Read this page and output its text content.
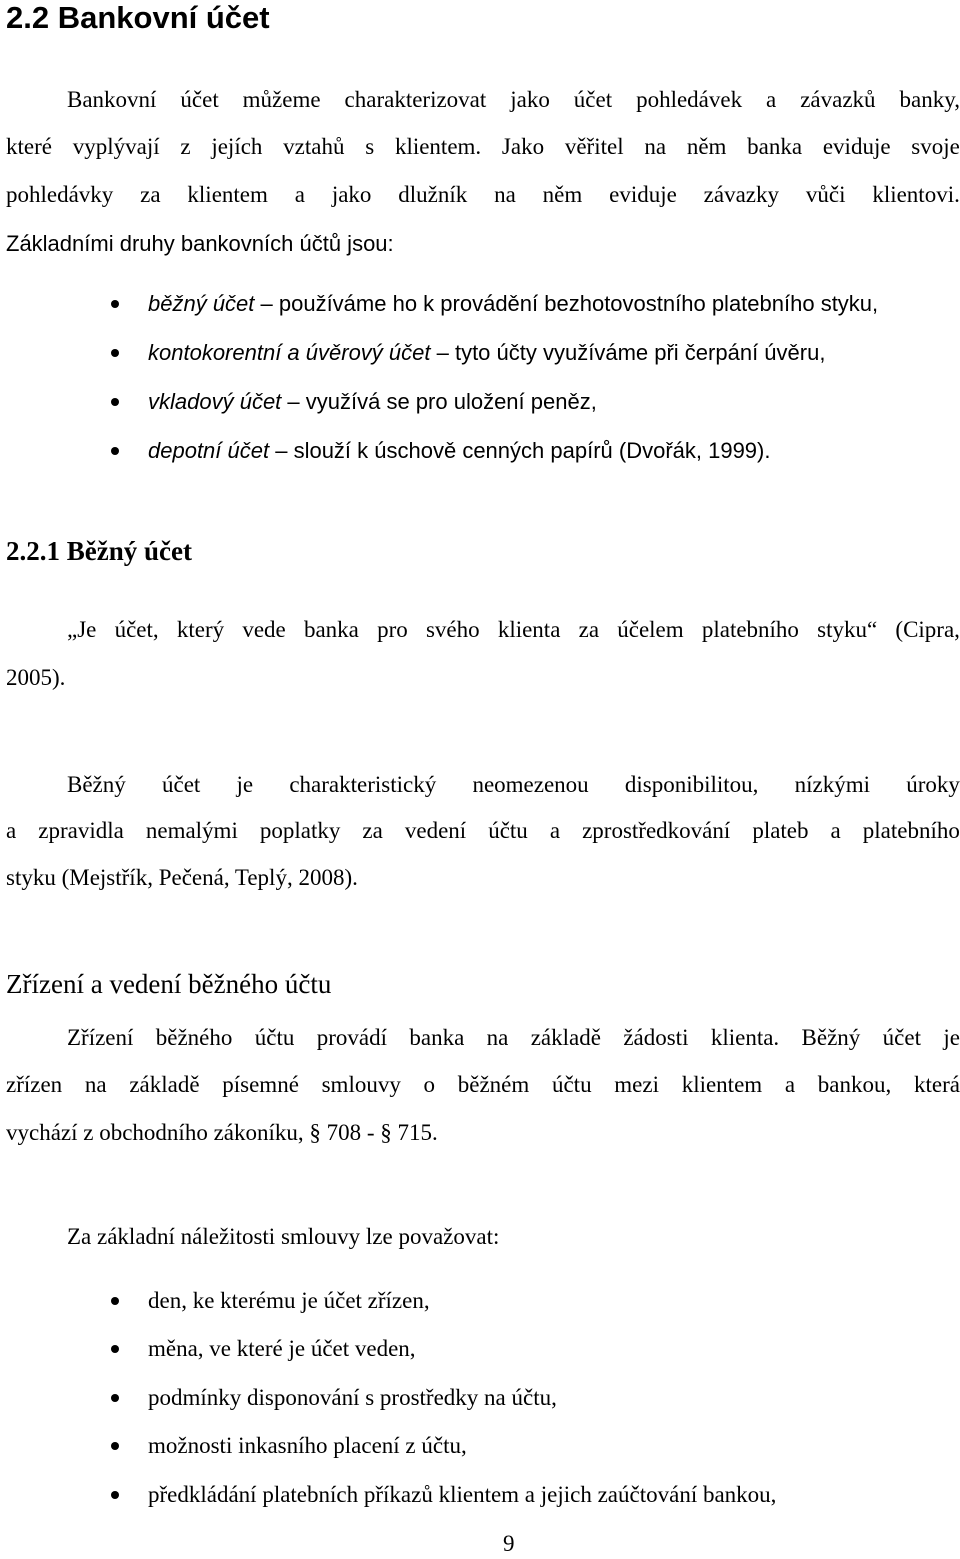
2.2 Bankovní účet
Bankovní účet můžeme charakterizovat jako účet pohledávek a závazků banky,
které vyplývají z jejích vztahů s klientem. Jako věřitel na něm banka eviduje svoje
pohledávky za klientem a jako dlužník na něm eviduje závazky vůči klientovi.
Základními druhy bankovních účtů jsou:
běžný účet – používáme ho k provádění bezhotovostního platebního styku,
kontokorentní a úvěrový účet – tyto účty využíváme při čerpání úvěru,
vkladový účet – využívá se pro uložení peněz,
depotní účet – slouží k úschově cenných papírů (Dvořák, 1999).
2.2.1 Běžný účet
„Je účet, který vede banka pro svého klienta za účelem platebního styku“ (Cipra,
2005).
Běžný účet je charakteristický neomezenou disponibilitou, nízkými úroky
a zpravidla nemalými poplatky za vedení účtu a zprostředkování plateb a platebního
styku (Mejstřík, Pečená, Teplý, 2008).
Zřízení a vedení běžného účtu
Zřízení běžného účtu provádí banka na základě žádosti klienta. Běžný účet je
zřízen na základě písemné smlouvy o běžném účtu mezi klientem a bankou, která
vychází z obchodního zákoníku, § 708 - § 715.
Za základní náležitosti smlouvy lze považovat:
den, ke kterému je účet zřízen,
měna, ve které je účet veden,
podmínky disponování s prostředky na účtu,
možnosti inkasního placení z účtu,
předkládání platebních příkazů klientem a jejich zaúčtování bankou,
9
